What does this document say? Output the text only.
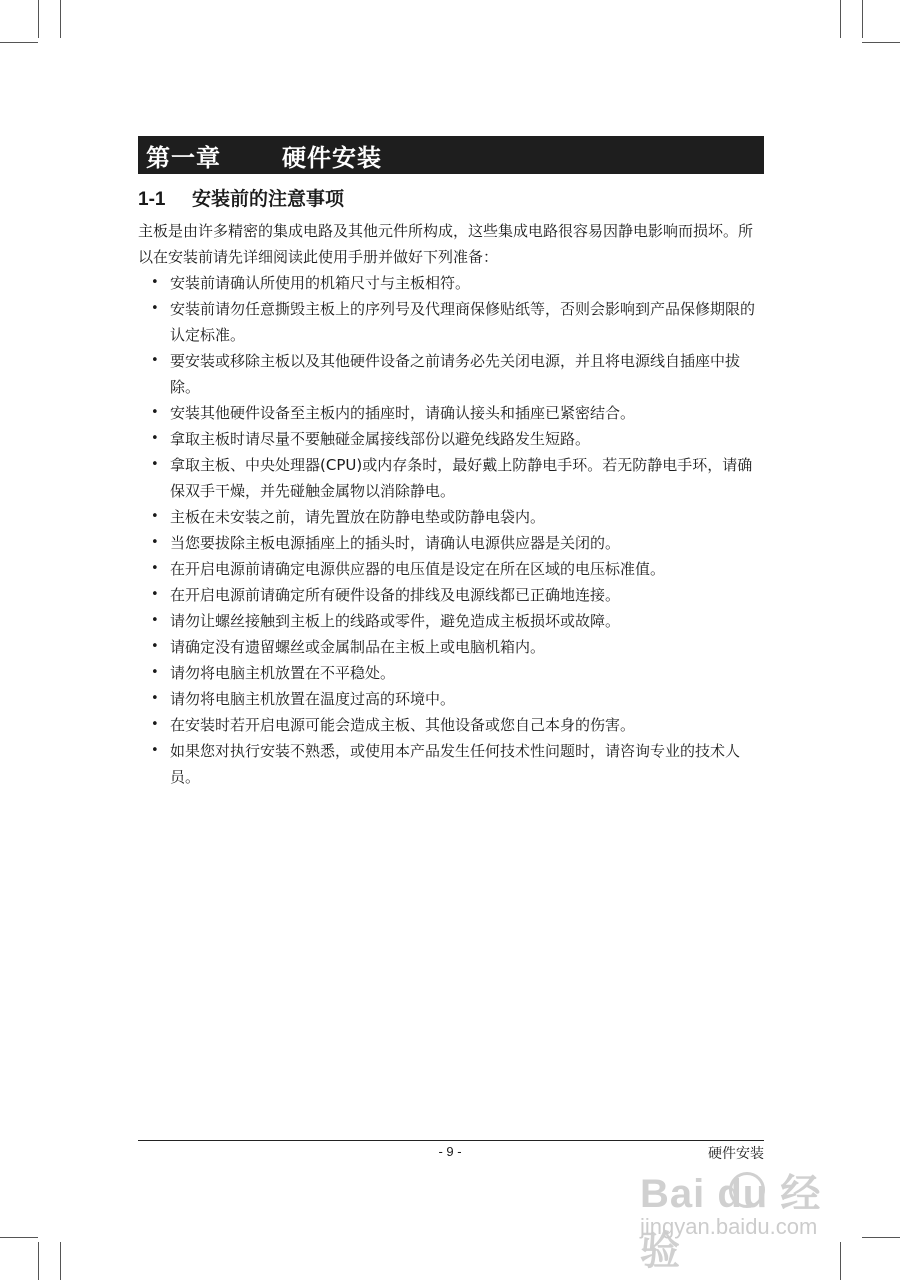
第一章	硬件安装
1-1	安装前的注意事项

主板是由许多精密的集成电路及其他元件所构成，这些集成电路很容易因静电影响而损坏。所以在安装前请先详细阅读此使用手册并做好下列准备：

• 安装前请确认所使用的机箱尺寸与主板相符。
• 安装前请勿任意撕毁主板上的序列号及代理商保修贴纸等，否则会影响到产品保修期限的认定标准。
• 要安装或移除主板以及其他硬件设备之前请务必先关闭电源，并且将电源线自插座中拔除。
• 安装其他硬件设备至主板内的插座时，请确认接头和插座已紧密结合。
• 拿取主板时请尽量不要触碰金属接线部份以避免线路发生短路。
• 拿取主板、中央处理器(CPU)或内存条时，最好戴上防静电手环。若无防静电手环，请确保双手干燥，并先碰触金属物以消除静电。
• 主板在未安装之前，请先置放在防静电垫或防静电袋内。
• 当您要拔除主板电源插座上的插头时，请确认电源供应器是关闭的。
• 在开启电源前请确定电源供应器的电压值是设定在所在区域的电压标准值。
• 在开启电源前请确定所有硬件设备的排线及电源线都已正确地连接。
• 请勿让螺丝接触到主板上的线路或零件，避免造成主板损坏或故障。
• 请确定没有遗留螺丝或金属制品在主板上或电脑机箱内。
• 请勿将电脑主机放置在不平稳处。
• 请勿将电脑主机放置在温度过高的环境中。
• 在安装时若开启电源可能会造成主板、其他设备或您自己本身的伤害。
• 如果您对执行安装不熟悉，或使用本产品发生任何技术性问题时，请咨询专业的技术人员。
- 9 -	硬件安装
Bai du 经验
jingyan.baidu.com
